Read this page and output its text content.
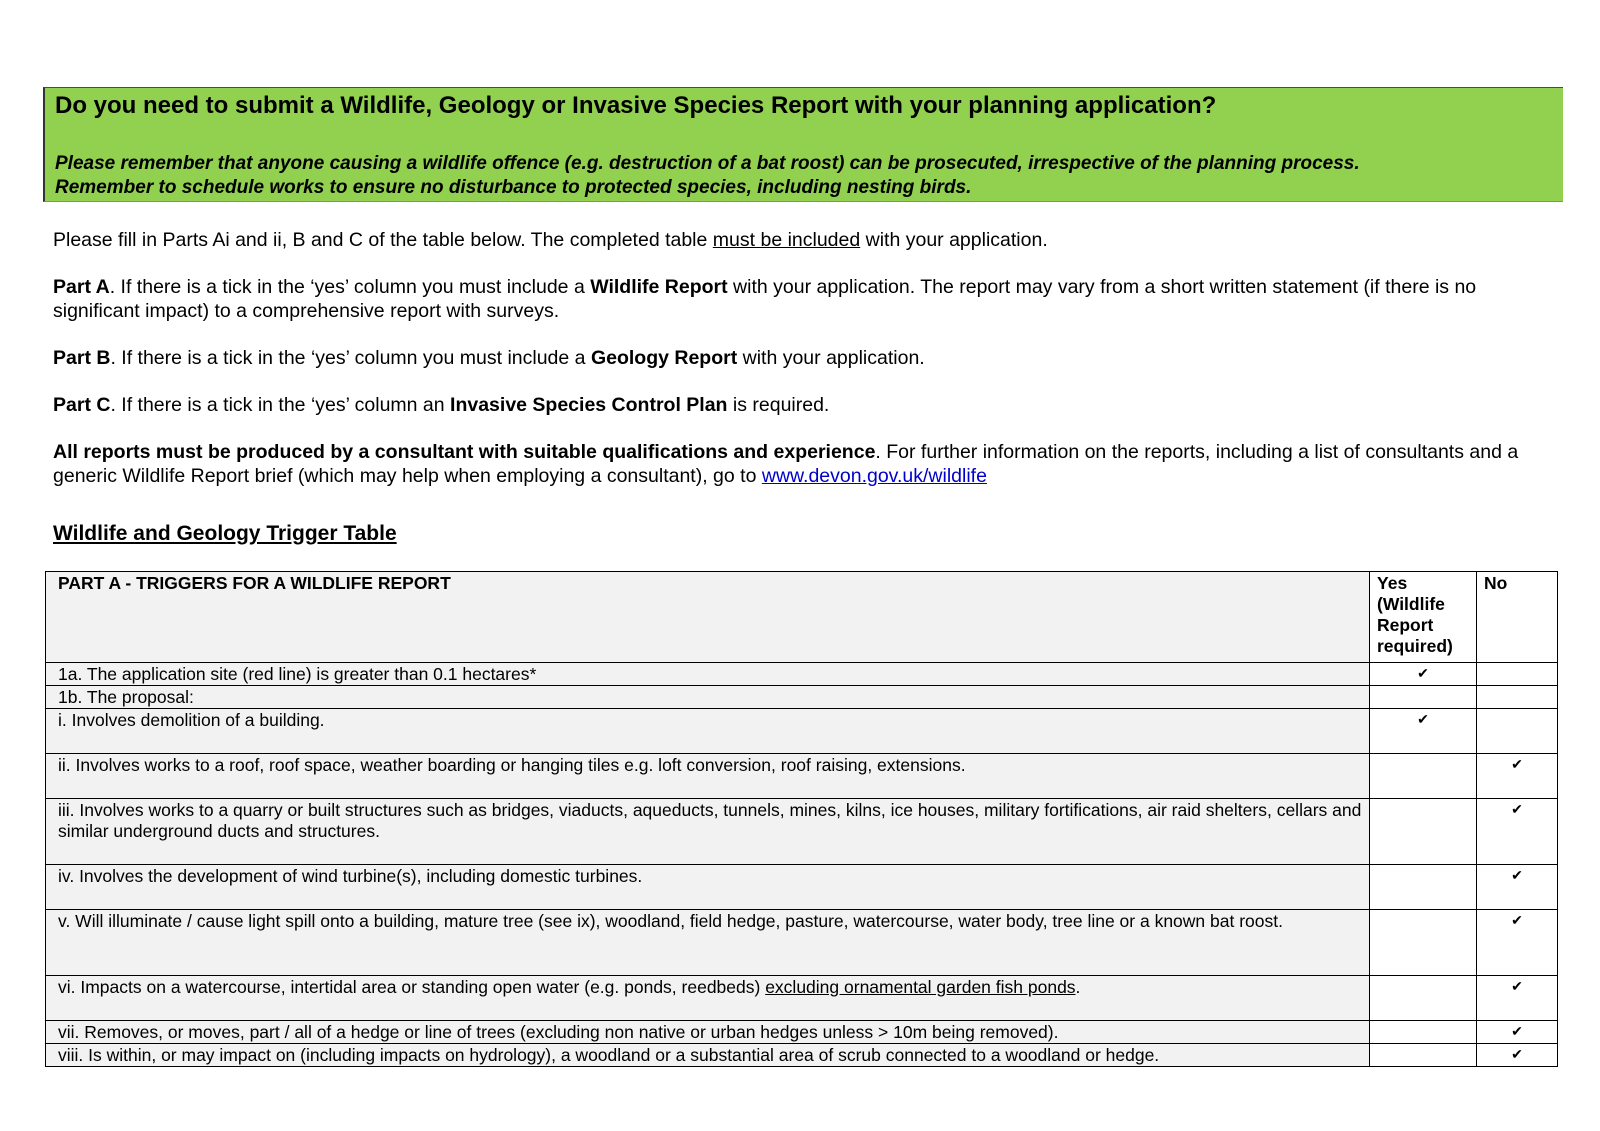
Do you need to submit a Wildlife, Geology or Invasive Species Report with your planning application?
Please remember that anyone causing a wildlife offence (e.g. destruction of a bat roost) can be prosecuted, irrespective of the planning process.
Remember to schedule works to ensure no disturbance to protected species, including nesting birds.
Please fill in Parts Ai and ii, B and C of the table below. The completed table must be included with your application.
Part A. If there is a tick in the ‘yes’ column you must include a Wildlife Report with your application. The report may vary from a short written statement (if there is no significant impact) to a comprehensive report with surveys.
Part B. If there is a tick in the ‘yes’ column you must include a Geology Report with your application.
Part C. If there is a tick in the ‘yes’ column an Invasive Species Control Plan is required.
All reports must be produced by a consultant with suitable qualifications and experience. For further information on the reports, including a list of consultants and a generic Wildlife Report brief (which may help when employing a consultant), go to www.devon.gov.uk/wildlife
Wildlife and Geology Trigger Table
PART A - TRIGGERS FOR A WILDLIFE REPORT	Yes (Wildlife Report required)	No
1a. The application site (red line) is greater than 0.1 hectares*	✔	
1b. The proposal:		
i. Involves demolition of a building.	✔	
ii. Involves works to a roof, roof space, weather boarding or hanging tiles e.g. loft conversion, roof raising, extensions.		✔
iii. Involves works to a quarry or built structures such as bridges, viaducts, aqueducts, tunnels, mines, kilns, ice houses, military fortifications, air raid shelters, cellars and similar underground ducts and structures.		✔
iv. Involves the development of wind turbine(s), including domestic turbines.		✔
v. Will illuminate / cause light spill onto a building, mature tree (see ix), woodland, field hedge, pasture, watercourse, water body, tree line or a known bat roost.		✔
vi. Impacts on a watercourse, intertidal area or standing open water (e.g. ponds, reedbeds) excluding ornamental garden fish ponds.		✔
vii. Removes, or moves, part / all of a hedge or line of trees (excluding non native or urban hedges unless > 10m being removed).		✔
viii. Is within, or may impact on (including impacts on hydrology), a woodland or a substantial area of scrub connected to a woodland or hedge.		✔
